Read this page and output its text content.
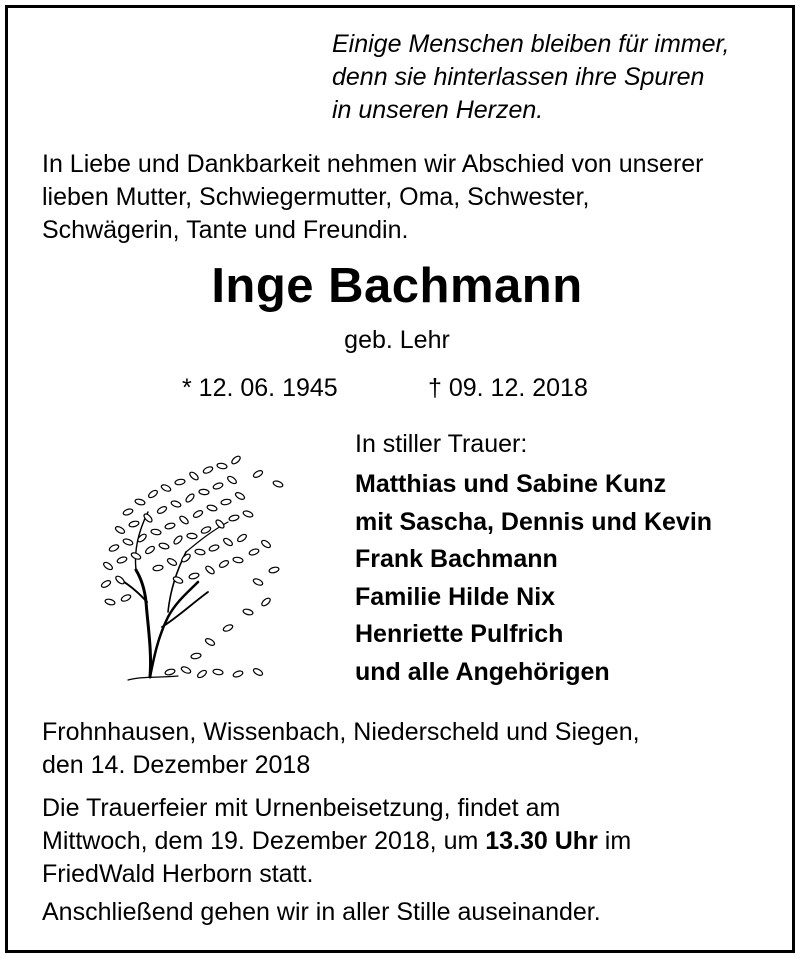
Einige Menschen bleiben für immer,
denn sie hinterlassen ihre Spuren
in unseren Herzen.
In Liebe und Dankbarkeit nehmen wir Abschied von unserer
lieben Mutter, Schwiegermutter, Oma, Schwester,
Schwägerin, Tante und Freundin.
Inge Bachmann
geb. Lehr
* 12. 06. 1945	† 09. 12. 2018
In stiller Trauer:
Matthias und Sabine Kunz
mit Sascha, Dennis und Kevin
Frank Bachmann
Familie Hilde Nix
Henriette Pulfrich
und alle Angehörigen
Frohnhausen, Wissenbach, Niederscheld und Siegen,
den 14. Dezember 2018
Die Trauerfeier mit Urnenbeisetzung, findet am
Mittwoch, dem 19. Dezember 2018, um 13.30 Uhr im
FriedWald Herborn statt.
Anschließend gehen wir in aller Stille auseinander.
